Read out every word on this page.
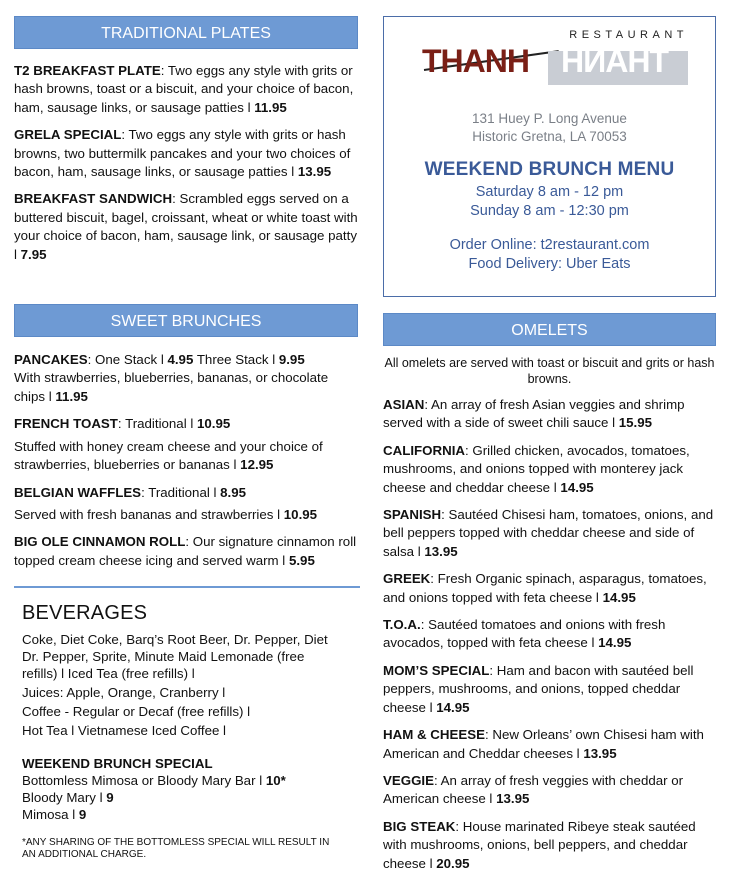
TRADITIONAL PLATES
T2 BREAKFAST PLATE: Two eggs any style with grits or hash browns, toast or a biscuit, and your choice of bacon, ham, sausage links, or sausage patties l 11.95
GRELA SPECIAL: Two eggs any style with grits or hash browns, two buttermilk pancakes and your two choices of bacon, ham, sausage links, or sausage patties l 13.95
BREAKFAST SANDWICH: Scrambled eggs served on a buttered biscuit, bagel, croissant, wheat or white toast with your choice of bacon, ham, sausage link, or sausage patty l 7.95
SWEET BRUNCHES
PANCAKES: One Stack l 4.95 Three Stack l 9.95
With strawberries, blueberries, bananas, or chocolate chips l 11.95
FRENCH TOAST: Traditional l 10.95
Stuffed with honey cream cheese and your choice of strawberries, blueberries or bananas l 12.95
BELGIAN WAFFLES: Traditional l 8.95
Served with fresh bananas and strawberries l 10.95
BIG OLE CINNAMON ROLL: Our signature cinnamon roll topped cream cheese icing and served warm l 5.95
BEVERAGES
Coke, Diet Coke, Barq’s Root Beer, Dr. Pepper, Diet Dr. Pepper, Sprite, Minute Maid Lemonade (free refills) l Iced Tea (free refills) l
Juices: Apple, Orange, Cranberry l
Coffee - Regular or Decaf (free refills) l
Hot Tea l Vietnamese Iced Coffee l
WEEKEND BRUNCH SPECIAL
Bottomless Mimosa or Bloody Mary Bar l 10*
Bloody Mary l 9
Mimosa l 9
*ANY SHARING OF THE BOTTOMLESS SPECIAL WILL RESULT IN AN ADDITIONAL CHARGE.
RESTAURANT
THANH THANH
131 Huey P. Long Avenue
Historic Gretna, LA 70053
WEEKEND BRUNCH MENU
Saturday 8 am - 12 pm
Sunday 8 am - 12:30 pm
Order Online: t2restaurant.com
Food Delivery: Uber Eats
OMELETS
All omelets are served with toast or biscuit and grits or hash browns.
ASIAN: An array of fresh Asian veggies and shrimp served with a side of sweet chili sauce l 15.95
CALIFORNIA: Grilled chicken, avocados, tomatoes, mushrooms, and onions topped with monterey jack cheese and cheddar cheese l 14.95
SPANISH: Sautéed Chisesi ham, tomatoes, onions, and bell peppers topped with cheddar cheese and side of salsa l 13.95
GREEK: Fresh Organic spinach, asparagus, tomatoes, and onions topped with feta cheese l 14.95
T.O.A.: Sautéed tomatoes and onions with fresh avocados, topped with feta cheese l 14.95
MOM’S SPECIAL: Ham and bacon with sautéed bell peppers, mushrooms, and onions, topped cheddar cheese l 14.95
HAM & CHEESE: New Orleans’ own Chisesi ham with American and Cheddar cheeses l 13.95
VEGGIE: An array of fresh veggies with cheddar or American cheese l 13.95
BIG STEAK: House marinated Ribeye steak sautéed with mushrooms, onions, bell peppers, and cheddar cheese l 20.95
